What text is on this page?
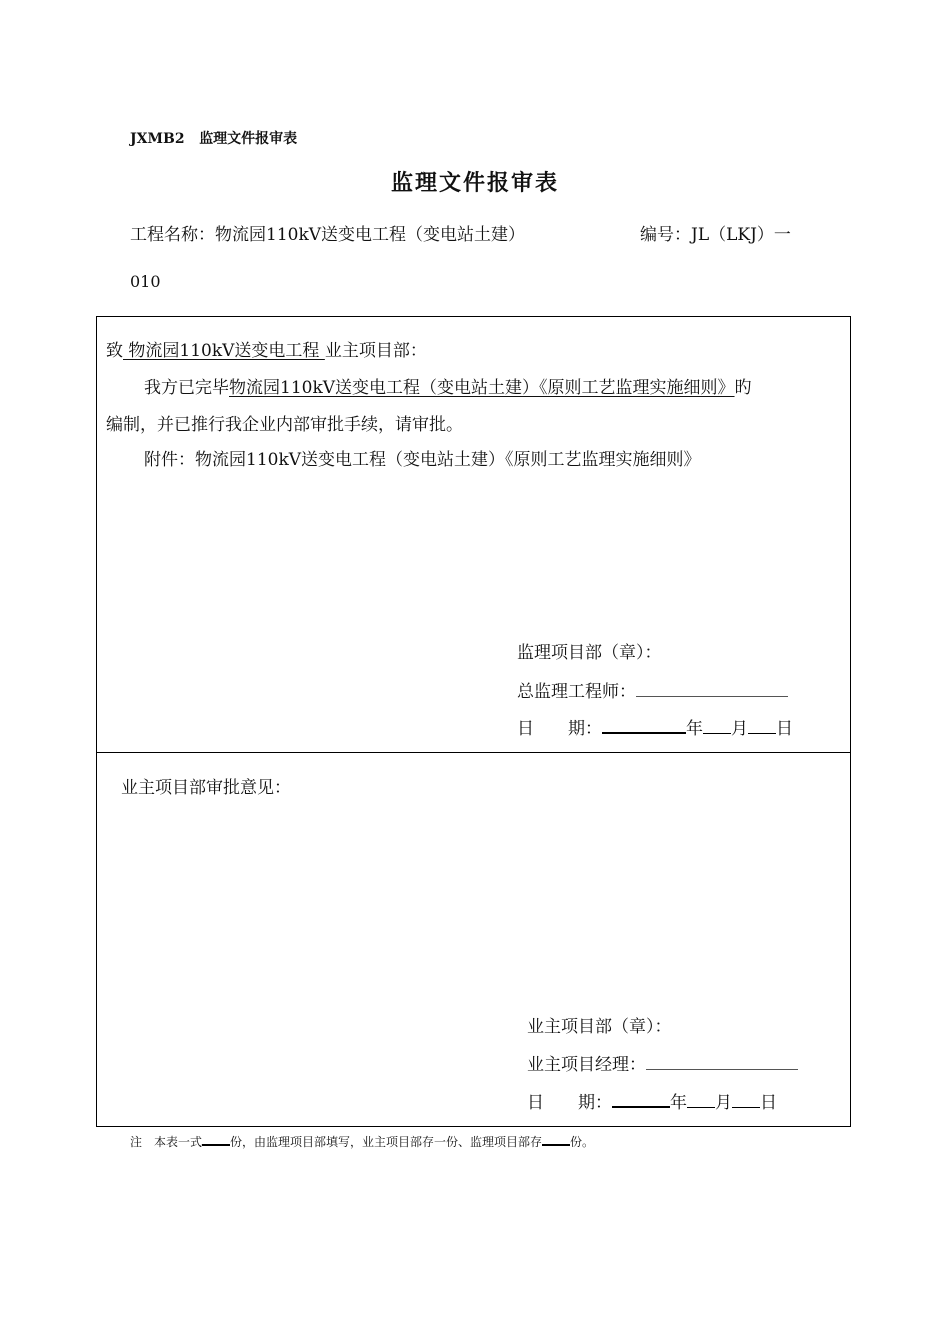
JXMB2 监理文件报审表
监理文件报审表
工程名称：物流园110kV送变电工程（变电站土建）	编号：JL（LKJ）一
010
致 物流园110kV送变电工程 业主项目部：
我方已完毕物流园110kV送变电工程（变电站土建）《原则工艺监理实施细则》旳
编制，并已推行我企业内部审批手续，请审批。
附件：物流园110kV送变电工程（变电站土建）《原则工艺监理实施细则》
监理项目部（章）：
总监理工程师：
日　　期：	年 月 日
业主项目部审批意见：
业主项目部（章）：
业主项目经理：
日　　期：	年 月 日
注　本表一式 份，由监理项目部填写，业主项目部存一份、监理项目部存 份。
